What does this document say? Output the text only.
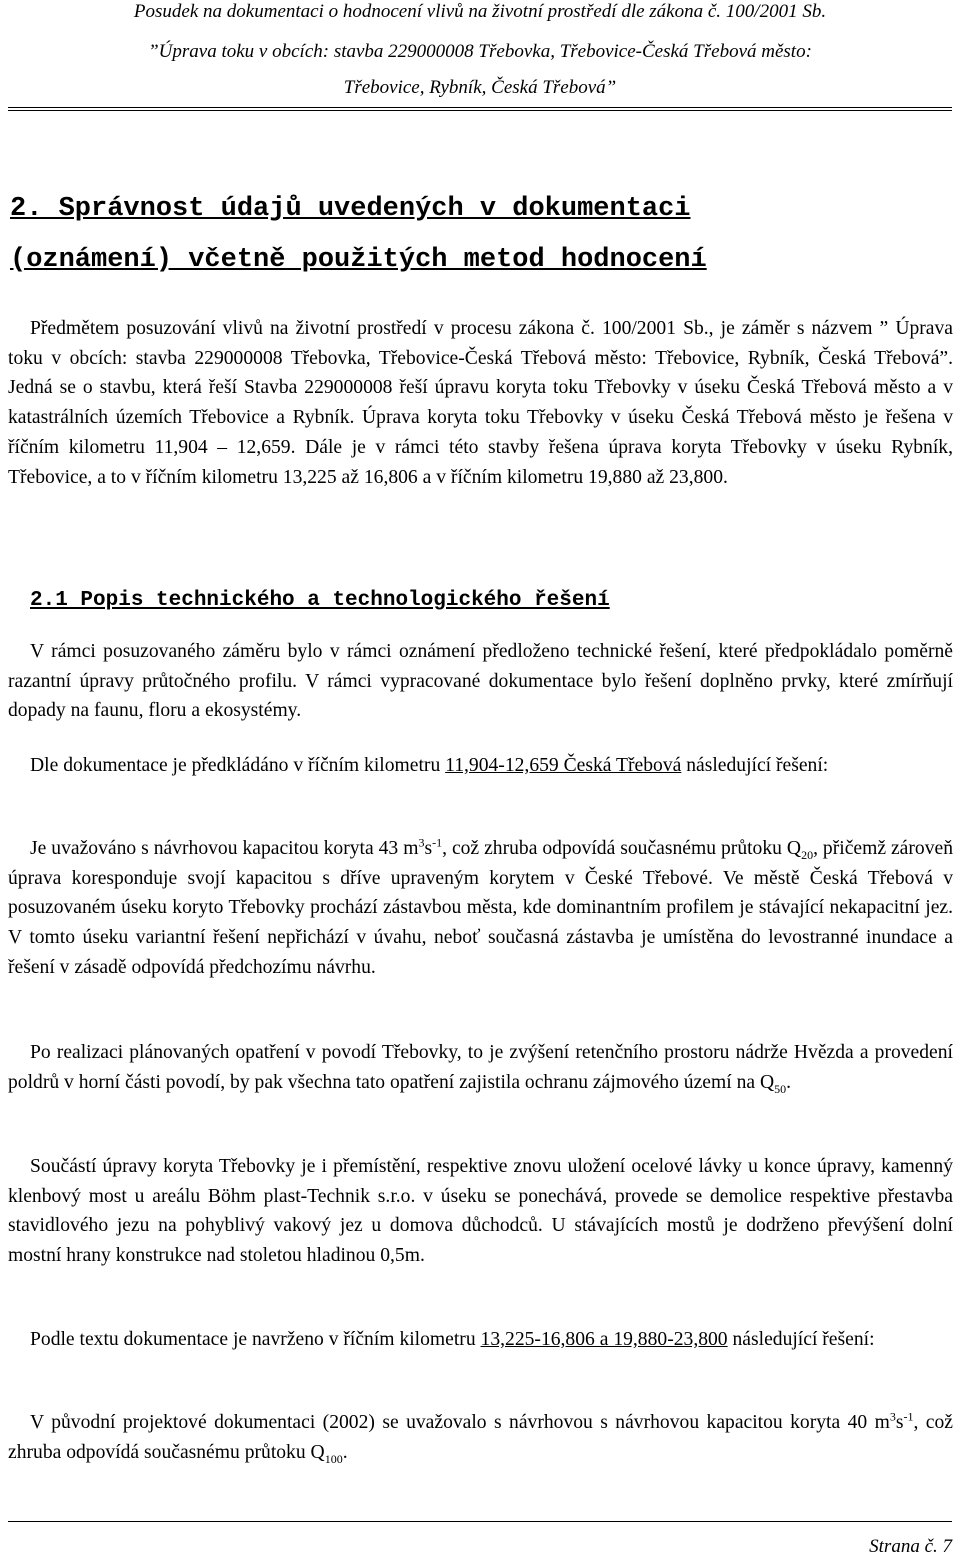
Posudek na dokumentaci o hodnocení vlivů na životní prostředí dle zákona č. 100/2001 Sb.
”Úprava toku v obcích: stavba 229000008 Třebovka, Třebovice-Česká Třebová město:
Třebovice, Rybník, Česká Třebová”
2. Správnost údajů uvedených v dokumentaci
(oznámení) včetně použitých metod hodnocení
Předmětem posuzování vlivů na životní prostředí v procesu zákona č. 100/2001 Sb., je záměr s názvem ” Úprava toku v obcích: stavba 229000008 Třebovka, Třebovice-Česká Třebová město: Třebovice, Rybník, Česká Třebová”. Jedná se o stavbu, která řeší Stavba 229000008 řeší úpravu koryta toku Třebovky v úseku Česká Třebová město a v katastrálních územích Třebovice a Rybník. Úprava koryta toku Třebovky v úseku Česká Třebová město je řešena v říčním kilometru 11,904 – 12,659. Dále je v rámci této stavby řešena úprava koryta Třebovky v úseku Rybník, Třebovice, a to v říčním kilometru 13,225 až 16,806 a v říčním kilometru 19,880 až 23,800.
2.1 Popis technického a technologického řešení
V rámci posuzovaného záměru bylo v rámci oznámení předloženo technické řešení, které předpokládalo poměrně razantní úpravy průtočného profilu. V rámci vypracované dokumentace bylo řešení doplněno prvky, které zmírňují dopady na faunu, floru a ekosystémy.
Dle dokumentace je předkládáno v říčním kilometru 11,904-12,659 Česká Třebová následující řešení:
Je uvažováno s návrhovou kapacitou koryta 43 $m^3s^{-1}$, což zhruba odpovídá současnému průtoku $Q_{20}$, přičemž zároveň úprava koresponduje svojí kapacitou s dříve upraveným korytem v České Třebové. Ve městě Česká Třebová v posuzovaném úseku koryto Třebovky prochází zástavbou města, kde dominantním profilem je stávající nekapacitní jez. V tomto úseku variantní řešení nepřichází v úvahu, neboť současná zástavba je umístěna do levostranné inundace a řešení v zásadě odpovídá předchozímu návrhu.
Po realizaci plánovaných opatření v povodí Třebovky, to je zvýšení retenčního prostoru nádrže Hvězda a provedení poldrů v horní části povodí, by pak všechna tato opatření zajistila ochranu zájmového území na $Q_{50}$.
Součástí úpravy koryta Třebovky je i přemístění, respektive znovu uložení ocelové lávky u konce úpravy, kamenný klenbový most u areálu Böhm plast-Technik s.r.o. v úseku se ponechává, provede se demolice respektive přestavba stavidlového jezu na pohyblivý vakový jez u domova důchodců. U stávajících mostů je dodrženo převýšení dolní mostní hrany konstrukce nad stoletou hladinou 0,5m.
Podle textu dokumentace je navrženo v říčním kilometru 13,225-16,806 a 19,880-23,800 následující řešení:
V původní projektové dokumentaci (2002) se uvažovalo s návrhovou s návrhovou kapacitou koryta 40 $m^3s^{-1}$, což zhruba odpovídá současnému průtoku $Q_{100}$.
Strana č. 7
